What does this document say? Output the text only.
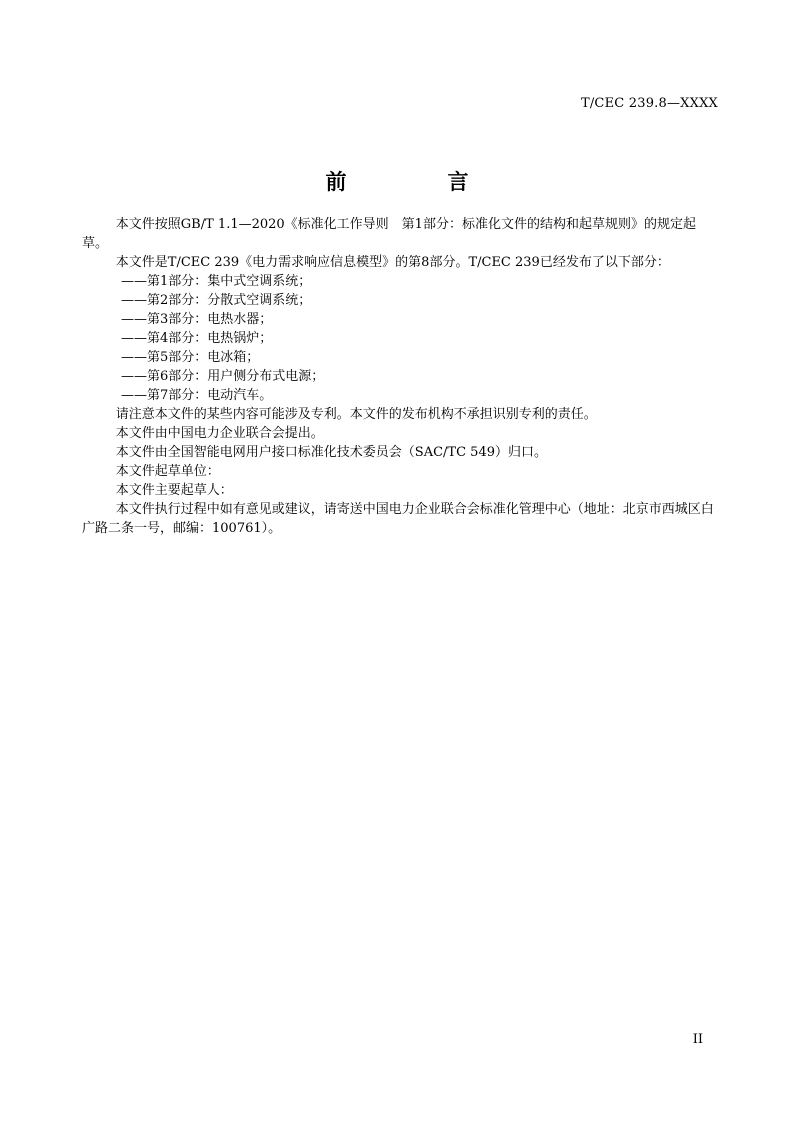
T/CEC 239.8—XXXX
前　言

本文件按照GB/T 1.1—2020《标准化工作导则　第1部分：标准化文件的结构和起草规则》的规定起草。

本文件是T/CEC 239《电力需求响应信息模型》的第8部分。T/CEC 239已经发布了以下部分：

——第1部分：集中式空调系统；
——第2部分：分散式空调系统；
——第3部分：电热水器；
——第4部分：电热锅炉；
——第5部分：电冰箱；
——第6部分：用户侧分布式电源；
——第7部分：电动汽车。

请注意本文件的某些内容可能涉及专利。本文件的发布机构不承担识别专利的责任。

本文件由中国电力企业联合会提出。

本文件由全国智能电网用户接口标准化技术委员会（SAC/TC 549）归口。

本文件起草单位：

本文件主要起草人：

本文件执行过程中如有意见或建议，请寄送中国电力企业联合会标准化管理中心（地址：北京市西城区白广路二条一号，邮编：100761）。

II
